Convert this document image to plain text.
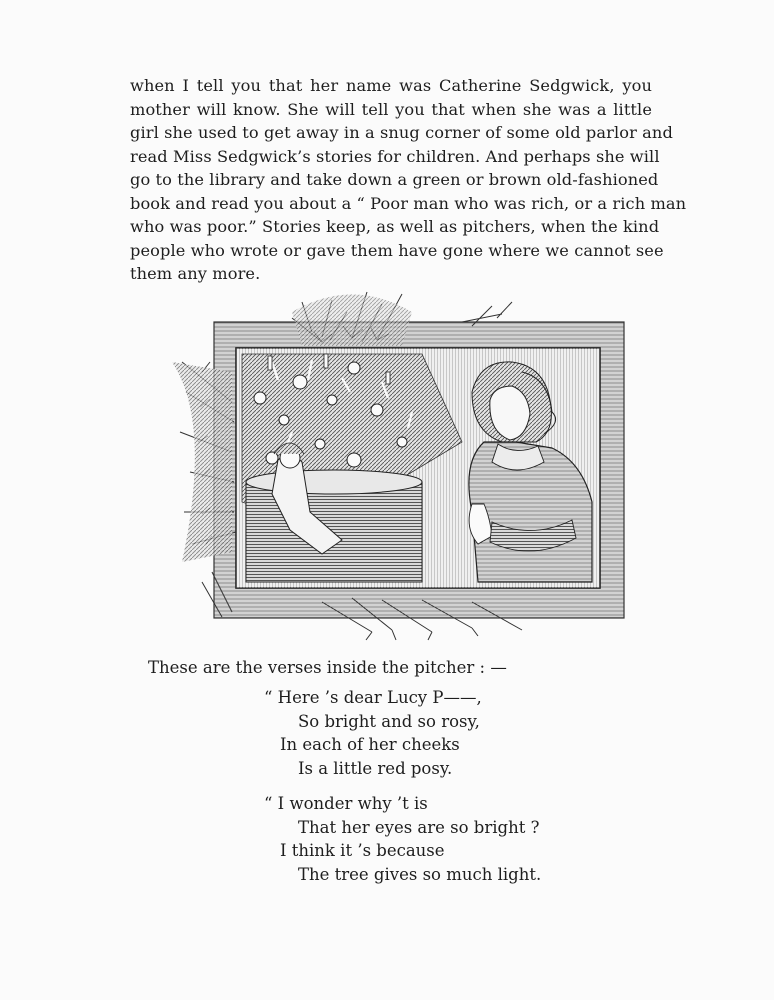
when I tell you that her name was Catherine Sedgwick, you
mother will know. She will tell you that when she was a little
girl she used to get away in a snug corner of some old parlor and
read Miss Sedgwick’s stories for children. And perhaps she will
go to the library and take down a green or brown old-fashioned
book and read you about a “ Poor man who was rich, or a rich man
who was poor.” Stories keep, as well as pitchers, when the kind
people who wrote or gave them have gone where we cannot see
them any more.
These are the verses inside the pitcher : —
“ Here ’s dear Lucy P——,
So bright and so rosy,
In each of her cheeks
Is a little red posy.
“ I wonder why ’t is
That her eyes are so bright ?
I think it ’s because
The tree gives so much light.
